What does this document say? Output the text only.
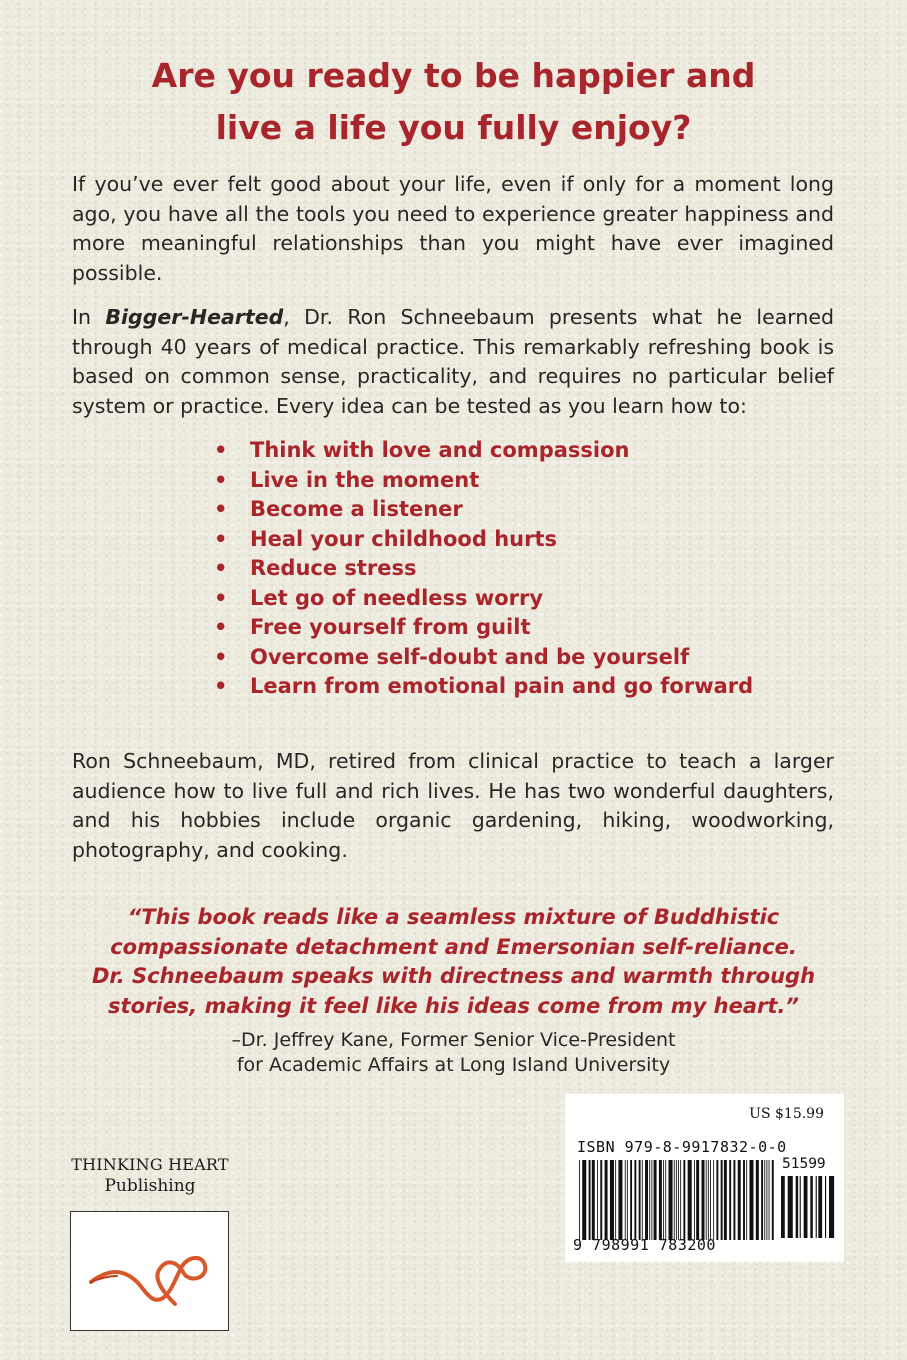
Are you ready to be happier and
live a life you fully enjoy?

If you’ve ever felt good about your life, even if only for a moment long ago, you have all the tools you need to experience greater happiness and more meaningful relationships than you might have ever imagined possible.

In Bigger-Hearted, Dr. Ron Schneebaum presents what he learned through 40 years of medical practice. This remarkably refreshing book is based on common sense, practicality, and requires no particular belief system or practice. Every idea can be tested as you learn how to:

• Think with love and compassion
• Live in the moment
• Become a listener
• Heal your childhood hurts
• Reduce stress
• Let go of needless worry
• Free yourself from guilt
• Overcome self-doubt and be yourself
• Learn from emotional pain and go forward

Ron Schneebaum, MD, retired from clinical practice to teach a larger audience how to live full and rich lives. He has two wonderful daughters, and his hobbies include organic gardening, hiking, woodworking, photography, and cooking.

“This book reads like a seamless mixture of Buddhistic
compassionate detachment and Emersonian self-reliance.
Dr. Schneebaum speaks with directness and warmth through
stories, making it feel like his ideas come from my heart.”

–Dr. Jeffrey Kane, Former Senior Vice-President
for Academic Affairs at Long Island University

THINKING HEART
Publishing
US $15.99
ISBN 979-8-9917832-0-0
51599
9 798991 783200
